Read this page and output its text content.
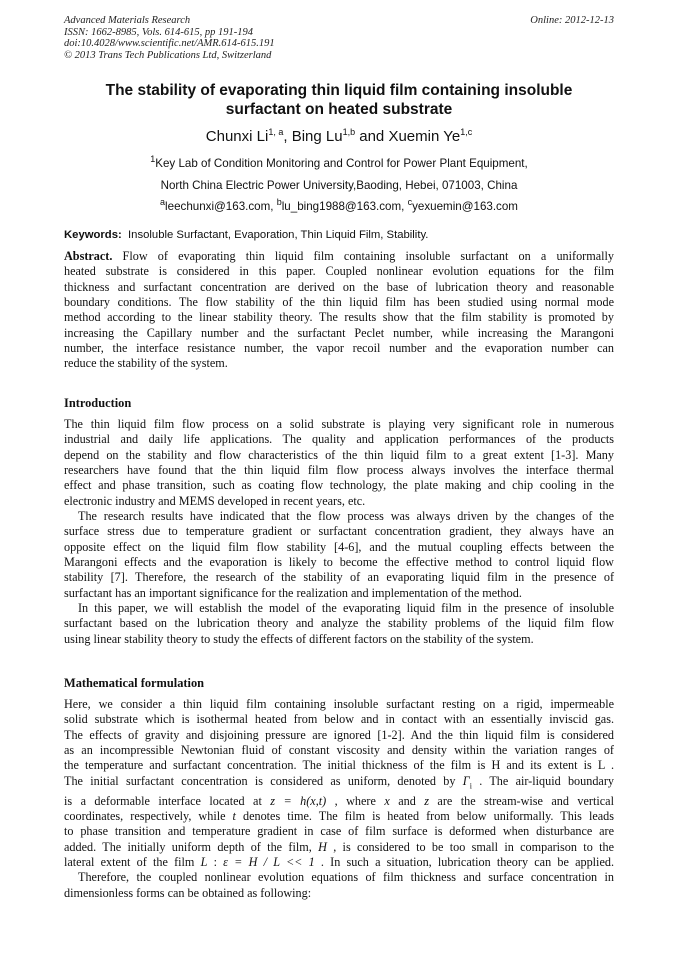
Advanced Materials Research
ISSN: 1662-8985, Vols. 614-615, pp 191-194
doi:10.4028/www.scientific.net/AMR.614-615.191
© 2013 Trans Tech Publications Ltd, Switzerland
Online: 2012-12-13
The stability of evaporating thin liquid film containing insoluble
surfactant on heated substrate
Chunxi Li$^{1, a}$, Bing Lu$^{1,b}$ and Xuemin Ye$^{1,c}$
$^1$Key Lab of Condition Monitoring and Control for Power Plant Equipment,
North China Electric Power University,Baoding, Hebei, 071003, China
$^a$leechunxi@163.com, $^b$lu_bing1988@163.com, $^c$yexuemin@163.com
Keywords: Insoluble Surfactant, Evaporation, Thin Liquid Film, Stability.
Abstract. Flow of evaporating thin liquid film containing insoluble surfactant on a uniformally
heated substrate is considered in this paper. Coupled nonlinear evolution equations for the film
thickness and surfactant concentration are derived on the base of lubrication theory and reasonable
boundary conditions. The flow stability of the thin liquid film has been studied using normal mode
method according to the linear stability theory. The results show that the film stability is promoted by
increasing the Capillary number and the surfactant Peclet number, while increasing the Marangoni
number, the interface resistance number, the vapor recoil number and the evaporation number can
reduce the stability of the system.
Introduction
The thin liquid film flow process on a solid substrate is playing very significant role in numerous
industrial and daily life applications. The quality and application performances of the products
depend on the stability and flow characteristics of the thin liquid film to a great extent [1-3]. Many
researchers have found that the thin liquid film flow process always involves the interface thermal
effect and phase transition, such as coating flow technology, the plate making and chip cooling in the
electronic industry and MEMS developed in recent years, etc.
The research results have indicated that the flow process was always driven by the changes of the
surface stress due to temperature gradient or surfactant concentration gradient, they always have an
opposite effect on the liquid film flow stability [4-6], and the mutual coupling effects between the
Marangoni effects and the evaporation is likely to become the effective method to control liquid flow
stability [7]. Therefore, the research of the stability of an evaporating liquid film in the presence of
surfactant has an important significance for the realization and implementation of the method.
In this paper, we will establish the model of the evaporating liquid film in the presence of insoluble
surfactant based on the lubrication theory and analyze the stability problems of the liquid film flow
using linear stability theory to study the effects of different factors on the stability of the system.
Mathematical formulation
Here, we consider a thin liquid film containing insoluble surfactant resting on a rigid, impermeable
solid substrate which is isothermal heated from below and in contact with an essentially inviscid gas.
The effects of gravity and disjoining pressure are ignored [1-2]. And the thin liquid film is considered
as an incompressible Newtonian fluid of constant viscosity and density within the variation ranges of
the temperature and surfactant concentration. The initial thickness of the film is H and its extent is L .
The initial surfactant concentration is considered as uniform, denoted by $\Gamma_i$ . The air-liquid boundary
is a deformable interface located at z = h(x,t) , where x and z are the stream-wise and vertical
coordinates, respectively, while t denotes time. The film is heated from below uniformally. This leads
to phase transition and temperature gradient in case of film surface is deformed when disturbance are
added. The initially uniform depth of the film, H , is considered to be too small in comparison to the
lateral extent of the film L : ε = H / L << 1 . In such a situation, lubrication theory can be applied.
Therefore, the coupled nonlinear evolution equations of film thickness and surface concentration in
dimensionless forms can be obtained as following:
